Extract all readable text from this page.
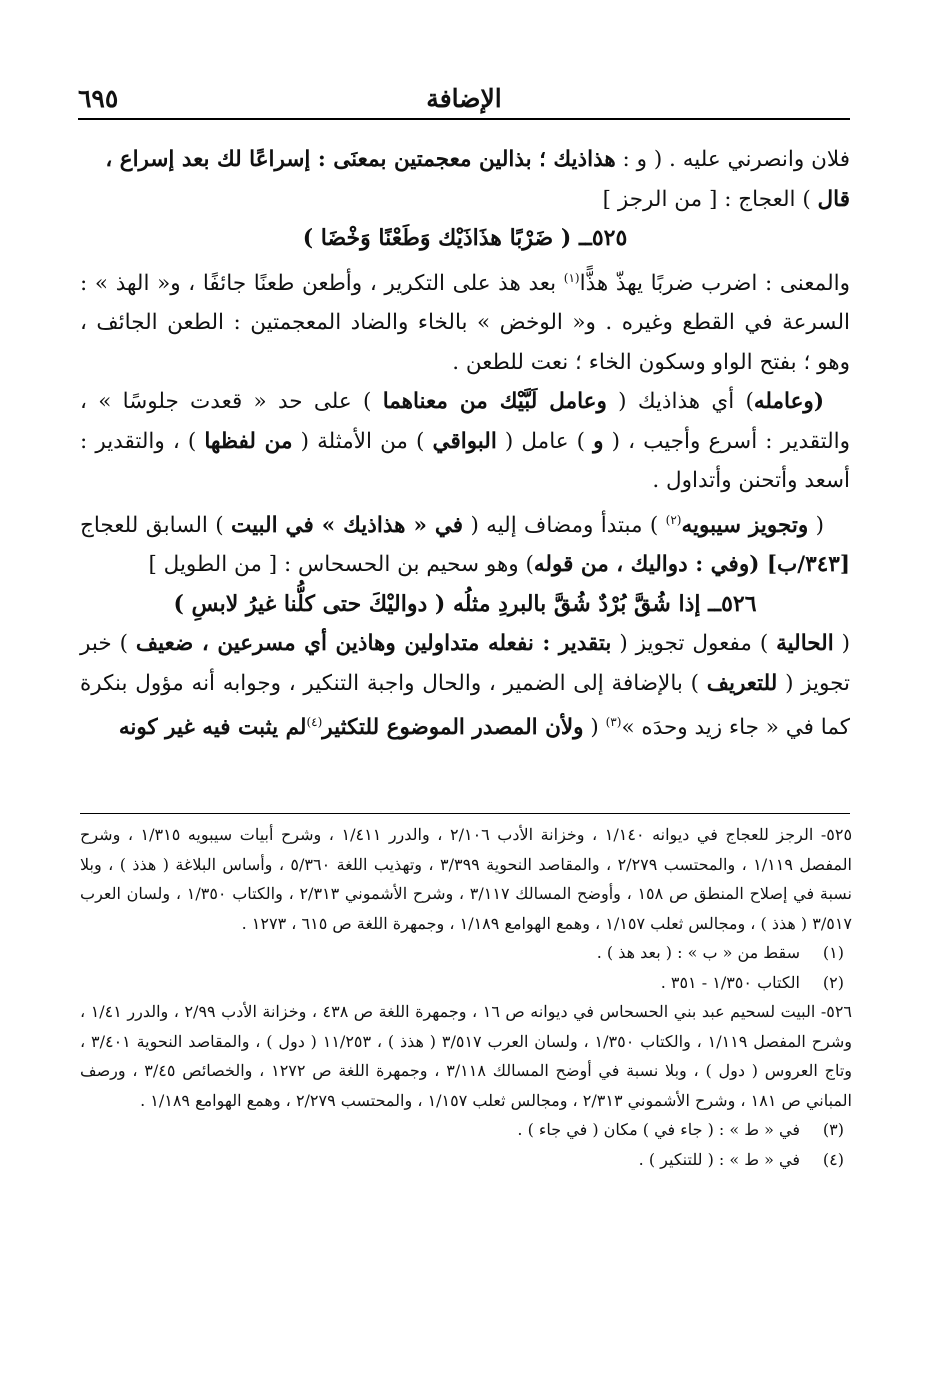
٦٩٥	الإضافة

فلان وانصرني عليه . ( و : هذاذيك ؛ بذالين معجمتين بمعنَى : إسراعًا لك بعد إسراع ،
قال ) العجاج : [ من الرجز ]

٥٢٥ــ ( ضَرْبًا هذَاذَيْك وَطَعْنًا وَخْضَا )

والمعنى : اضرب ضربًا يهذّ هذًّا$^{(١)}$ بعد هذ على التكرير ، وأطعن طعنًا جائفًا ، و« الهذ » : السرعة في القطع وغيره . و« الوخض » بالخاء والضاد المعجمتين : الطعن الجائف ، وهو ؛ بفتح الواو وسكون الخاء ؛ نعت للطعن .

(وعامله) أي هذاذيك ( وعامل لَبَّيْك من معناهما ) على حد « قعدت جلوسًا » ، والتقدير : أسرع وأجيب ، ( و ) عامل ( البواقي ) من الأمثلة ( من لفظها ) ، والتقدير : أسعد وأتحنن وأتداول .

( وتجويز سيبويه$^{(٢)}$ ) مبتدأ ومضاف إليه ( في « هذاذيك » في البيت ) السابق للعجاج [٣٤٣/ب] (وفي : دواليك ، من قوله) وهو سحيم بن الحسحاس : [ من الطويل ]

٥٢٦ــ إذا شُقَّ بُرْدٌ شُقَّ بالبردِ مثلُه ( دواليْكَ حتى كلُّنا غيرُ لابسِ )

( الحالية ) مفعول تجويز ( بتقدير : نفعله متداولين وهاذين أي مسرعين ، ضعيف ) خبر تجويز ( للتعريف ) بالإضافة إلى الضمير ، والحال واجبة التنكير ، وجوابه أنه مؤول بنكرة كما في « جاء زيد وحدَه »$^{(٣)}$ ( ولأن المصدر الموضوع للتكثير$^{(٤)}$لم يثبت فيه غير كونه

٥٢٥- الرجز للعجاج في ديوانه ١/١٤٠ ، وخزانة الأدب ٢/١٠٦ ، والدرر ١/٤١١ ، وشرح أبيات سيبويه ١/٣١٥ ، وشرح المفصل ١/١١٩ ، والمحتسب ٢/٢٧٩ ، والمقاصد النحوية ٣/٣٩٩ ، وتهذيب اللغة ٥/٣٦٠ ، وأساس البلاغة ( هذذ ) ، وبلا نسبة في إصلاح المنطق ص ١٥٨ ، وأوضح المسالك ٣/١١٧ ، وشرح الأشموني ٢/٣١٣ ، والكتاب ١/٣٥٠ ، ولسان العرب ٣/٥١٧ ( هذذ ) ، ومجالس ثعلب ١/١٥٧ ، وهمع الهوامع ١/١٨٩ ، وجمهرة اللغة ص ٦١٥ ، ١٢٧٣ .

(١)سقط من « ب » : ( بعد هذ ) .

(٢)الكتاب ١/٣٥٠ - ٣٥١ .

٥٢٦- البيت لسحيم عبد بني الحسحاس في ديوانه ص ١٦ ، وجمهرة اللغة ص ٤٣٨ ، وخزانة الأدب ٢/٩٩ ، والدرر ١/٤١ ، وشرح المفصل ١/١١٩ ، والكتاب ١/٣٥٠ ، ولسان العرب ٣/٥١٧ ( هذذ ) ، ١١/٢٥٣ ( دول ) ، والمقاصد النحوية ٣/٤٠١ ، وتاج العروس ( دول ) ، وبلا نسبة في أوضح المسالك ٣/١١٨ ، وجمهرة اللغة ص ١٢٧٢ ، والخصائص ٣/٤٥ ، ورصف المباني ص ١٨١ ، وشرح الأشموني ٢/٣١٣ ، ومجالس ثعلب ١/١٥٧ ، والمحتسب ٢/٢٧٩ ، وهمع الهوامع ١/١٨٩ .

(٣)في « ط » : ( جاء في ) مكان ( في جاء ) .

(٤)في « ط » : ( للتنكير ) .
